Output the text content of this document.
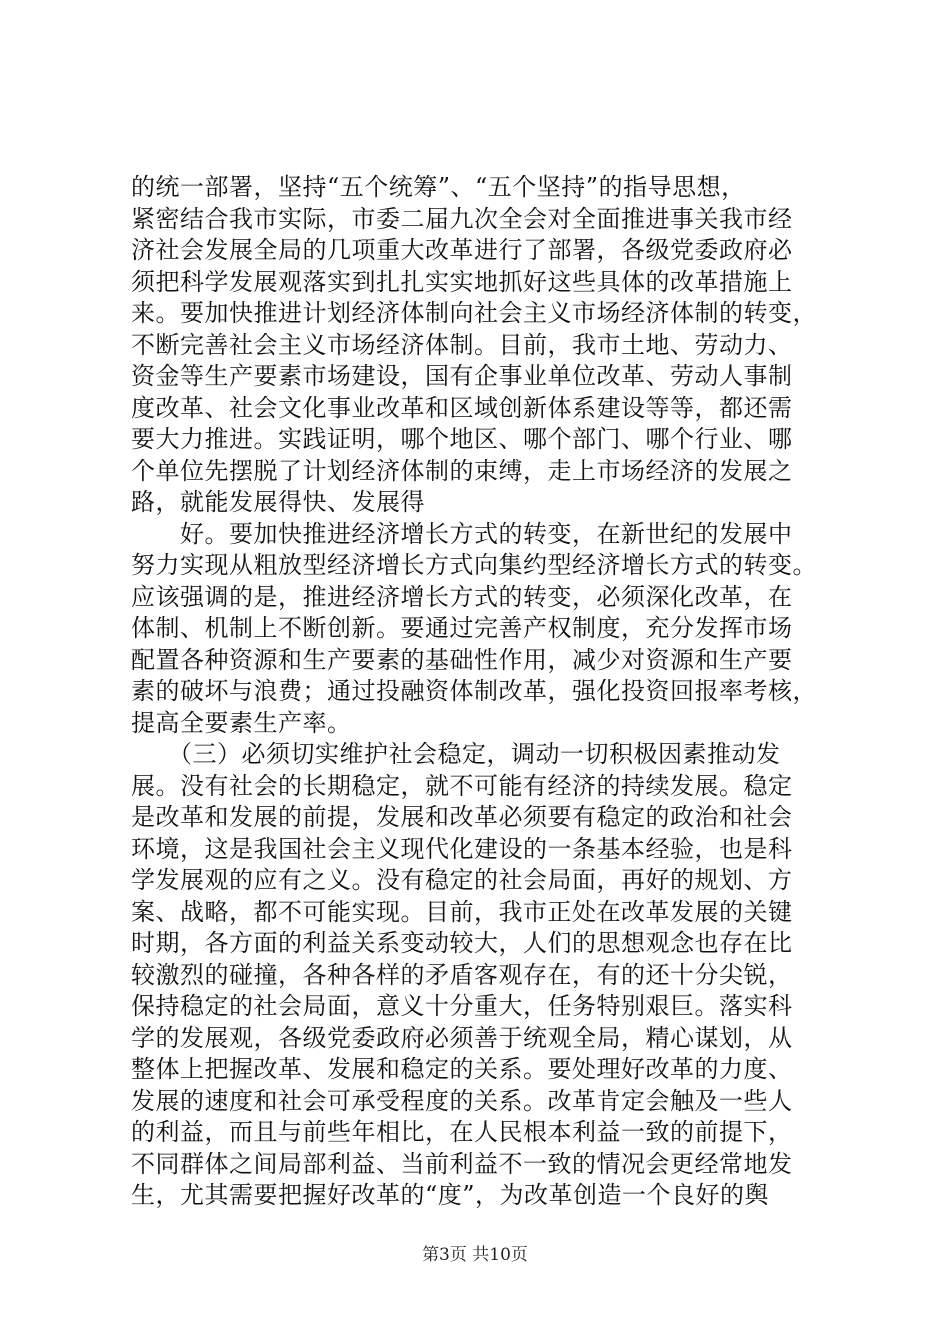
的统一部署，坚持“五个统筹”、“五个坚持”的指导思想，
紧密结合我市实际，市委二届九次全会对全面推进事关我市经
济社会发展全局的几项重大改革进行了部署，各级党委政府必
须把科学发展观落实到扎扎实实地抓好这些具体的改革措施上
来。要加快推进计划经济体制向社会主义市场经济体制的转变，
不断完善社会主义市场经济体制。目前，我市土地、劳动力、
资金等生产要素市场建设，国有企事业单位改革、劳动人事制
度改革、社会文化事业改革和区域创新体系建设等等，都还需
要大力推进。实践证明，哪个地区、哪个部门、哪个行业、哪
个单位先摆脱了计划经济体制的束缚，走上市场经济的发展之
路，就能发展得快、发展得
　　好。要加快推进经济增长方式的转变，在新世纪的发展中
努力实现从粗放型经济增长方式向集约型经济增长方式的转变。
应该强调的是，推进经济增长方式的转变，必须深化改革，在
体制、机制上不断创新。要通过完善产权制度，充分发挥市场
配置各种资源和生产要素的基础性作用，减少对资源和生产要
素的破坏与浪费；通过投融资体制改革，强化投资回报率考核，
提高全要素生产率。
　　（三）必须切实维护社会稳定，调动一切积极因素推动发
展。没有社会的长期稳定，就不可能有经济的持续发展。稳定
是改革和发展的前提，发展和改革必须要有稳定的政治和社会
环境，这是我国社会主义现代化建设的一条基本经验，也是科
学发展观的应有之义。没有稳定的社会局面，再好的规划、方
案、战略，都不可能实现。目前，我市正处在改革发展的关键
时期，各方面的利益关系变动较大，人们的思想观念也存在比
较激烈的碰撞，各种各样的矛盾客观存在，有的还十分尖锐，
保持稳定的社会局面，意义十分重大，任务特别艰巨。落实科
学的发展观，各级党委政府必须善于统观全局，精心谋划，从
整体上把握改革、发展和稳定的关系。要处理好改革的力度、
发展的速度和社会可承受程度的关系。改革肯定会触及一些人
的利益，而且与前些年相比，在人民根本利益一致的前提下，
不同群体之间局部利益、当前利益不一致的情况会更经常地发
生，尤其需要把握好改革的“度”，为改革创造一个良好的舆
第3页 共10页
